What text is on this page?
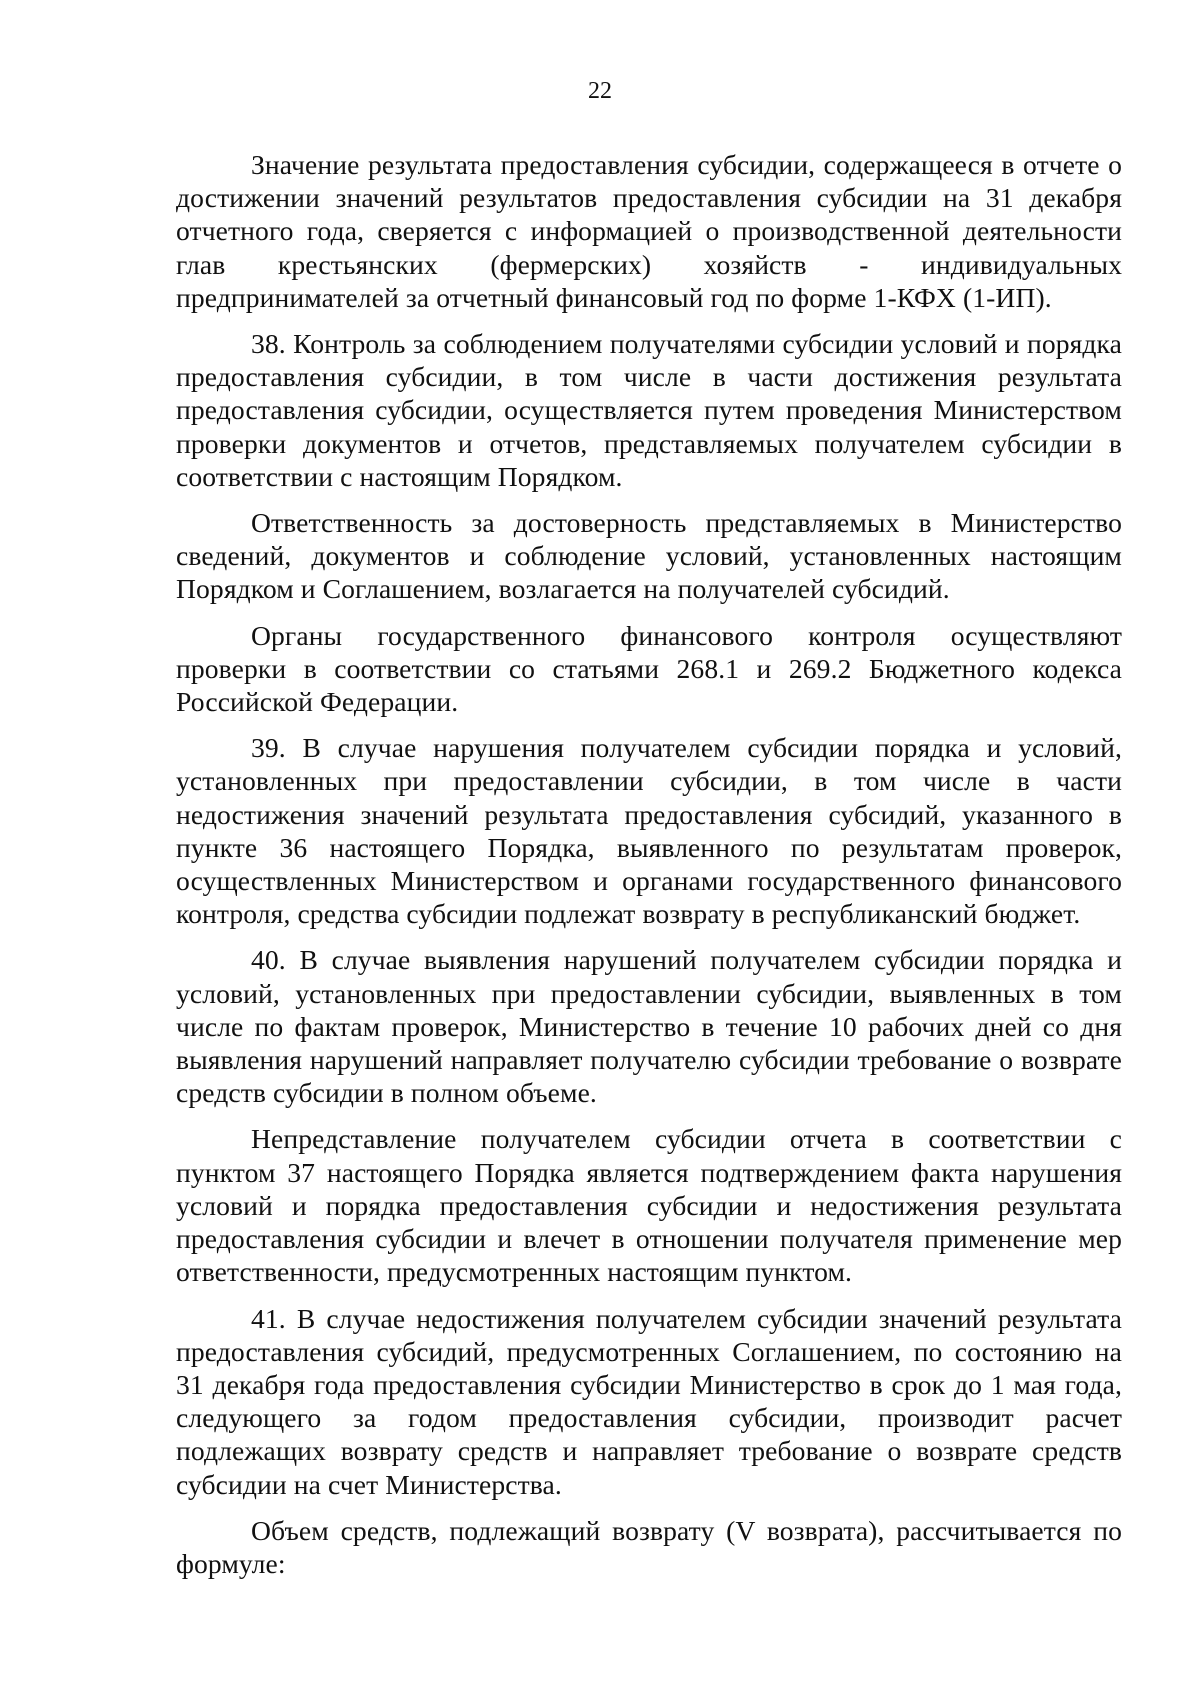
22

Значение результата предоставления субсидии, содержащееся в отчете о достижении значений результатов предоставления субсидии на 31 декабря отчетного года, сверяется с информацией о производственной деятельности глав крестьянских (фермерских) хозяйств - индивидуальных предпринимателей за отчетный финансовый год по форме 1-КФХ (1-ИП).

38. Контроль за соблюдением получателями субсидии условий и порядка предоставления субсидии, в том числе в части достижения результата предоставления субсидии, осуществляется путем проведения Министерством проверки документов и отчетов, представляемых получателем субсидии в соответствии с настоящим Порядком.

Ответственность за достоверность представляемых в Министерство сведений, документов и соблюдение условий, установленных настоящим Порядком и Соглашением, возлагается на получателей субсидий.

Органы государственного финансового контроля осуществляют проверки в соответствии со статьями 268.1 и 269.2 Бюджетного кодекса Российской Федерации.

39. В случае нарушения получателем субсидии порядка и условий, установленных при предоставлении субсидии, в том числе в части недостижения значений результата предоставления субсидий, указанного в пункте 36 настоящего Порядка, выявленного по результатам проверок, осуществленных Министерством и органами государственного финансового контроля, средства субсидии подлежат возврату в республиканский бюджет.

40. В случае выявления нарушений получателем субсидии порядка и условий, установленных при предоставлении субсидии, выявленных в том числе по фактам проверок, Министерство в течение 10 рабочих дней со дня выявления нарушений направляет получателю субсидии требование о возврате средств субсидии в полном объеме.

Непредставление получателем субсидии отчета в соответствии с пунктом 37 настоящего Порядка является подтверждением факта нарушения условий и порядка предоставления субсидии и недостижения результата предоставления субсидии и влечет в отношении получателя применение мер ответственности, предусмотренных настоящим пунктом.

41. В случае недостижения получателем субсидии значений результата предоставления субсидий, предусмотренных Соглашением, по состоянию на 31 декабря года предоставления субсидии Министерство в срок до 1 мая года, следующего за годом предоставления субсидии, производит расчет подлежащих возврату средств и направляет требование о возврате средств субсидии на счет Министерства.

Объем средств, подлежащий возврату (V возврата), рассчитывается по формуле:
